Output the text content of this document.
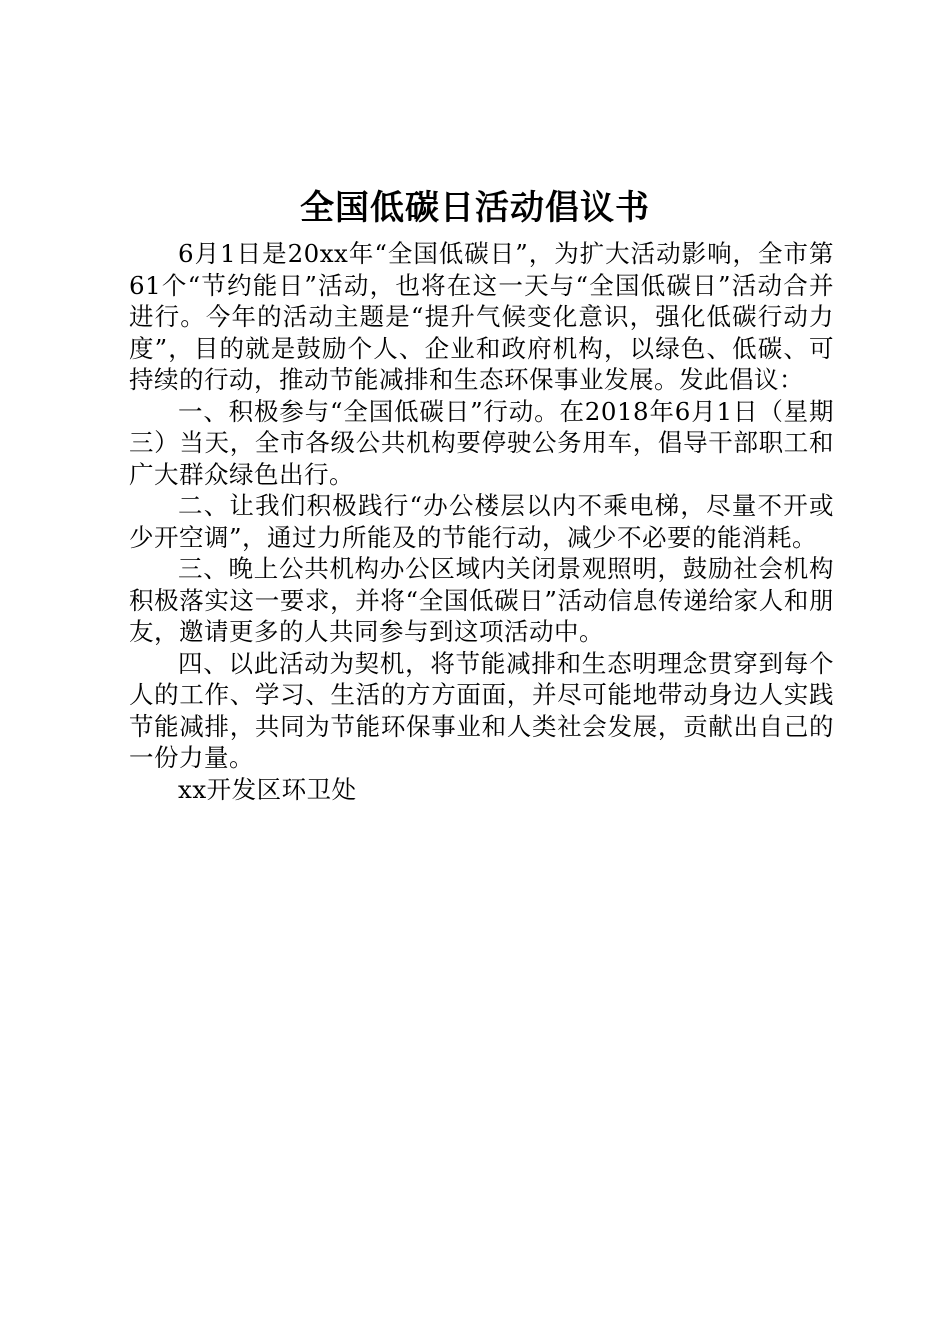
全国低碳日活动倡议书

6月1日是20xx年“全国低碳日”，为扩大活动影响，全市第61个“节约能日”活动，也将在这一天与“全国低碳日”活动合并进行。今年的活动主题是“提升气候变化意识，强化低碳行动力度”，目的就是鼓励个人、企业和政府机构，以绿色、低碳、可持续的行动，推动节能减排和生态环保事业发展。发此倡议：

一、积极参与“全国低碳日”行动。在2018年6月1日（星期三）当天，全市各级公共机构要停驶公务用车，倡导干部职工和广大群众绿色出行。

二、让我们积极践行“办公楼层以内不乘电梯，尽量不开或少开空调”，通过力所能及的节能行动，减少不必要的能消耗。

三、晚上公共机构办公区域内关闭景观照明，鼓励社会机构积极落实这一要求，并将“全国低碳日”活动信息传递给家人和朋友，邀请更多的人共同参与到这项活动中。

四、以此活动为契机，将节能减排和生态明理念贯穿到每个人的工作、学习、生活的方方面面，并尽可能地带动身边人实践节能减排，共同为节能环保事业和人类社会发展，贡献出自己的一份力量。

xx开发区环卫处
